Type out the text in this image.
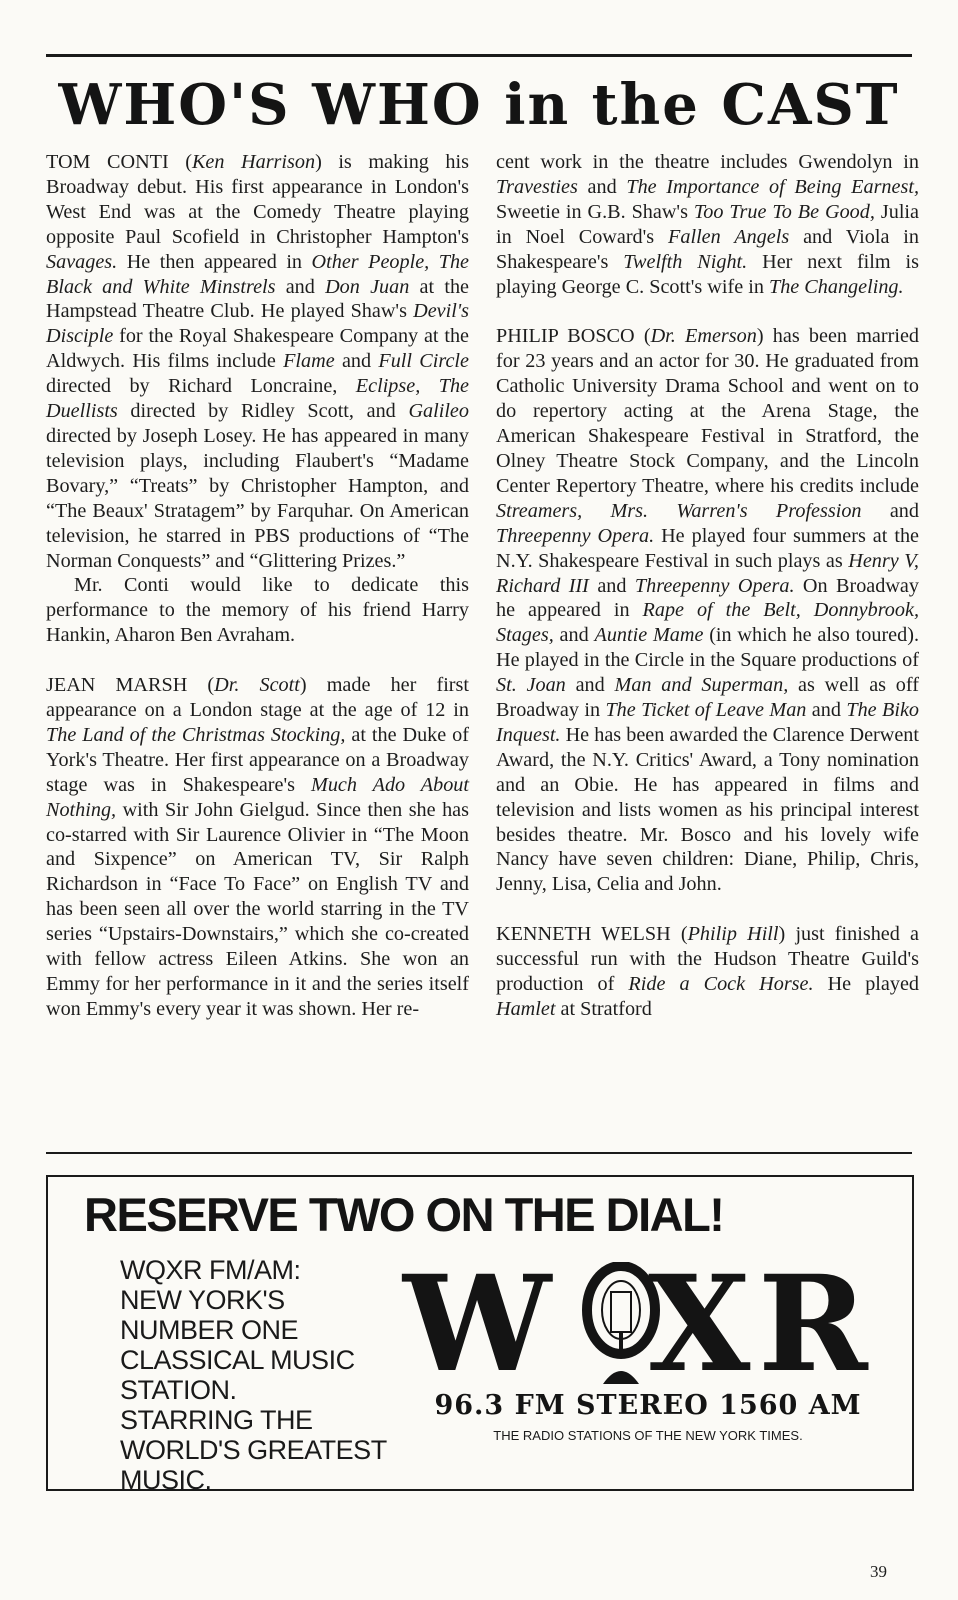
WHO'S WHO in the CAST

TOM CONTI (Ken Harrison) is making his Broadway debut. His first appearance in London's West End was at the Comedy Theatre playing opposite Paul Scofield in Christopher Hampton's Savages. He then appeared in Other People, The Black and White Minstrels and Don Juan at the Hampstead Theatre Club. He played Shaw's Devil's Disciple for the Royal Shakespeare Company at the Aldwych. His films include Flame and Full Circle directed by Richard Loncraine, Eclipse, The Duellists directed by Ridley Scott, and Galileo directed by Joseph Losey. He has appeared in many television plays, including Flaubert's “Madame Bovary,” “Treats” by Christopher Hampton, and “The Beaux' Stratagem” by Farquhar. On American television, he starred in PBS productions of “The Norman Conquests” and “Glittering Prizes.”

Mr. Conti would like to dedicate this performance to the memory of his friend Harry Hankin, Aharon Ben Avraham.

JEAN MARSH (Dr. Scott) made her first appearance on a London stage at the age of 12 in The Land of the Christmas Stocking, at the Duke of York's Theatre. Her first appearance on a Broadway stage was in Shakespeare's Much Ado About Nothing, with Sir John Gielgud. Since then she has co-starred with Sir Laurence Olivier in “The Moon and Sixpence” on American TV, Sir Ralph Richardson in “Face To Face” on English TV and has been seen all over the world starring in the TV series “Upstairs-Downstairs,” which she co-created with fellow actress Eileen Atkins. She won an Emmy for her performance in it and the series itself won Emmy's every year it was shown. Her re-

cent work in the theatre includes Gwendolyn in Travesties and The Importance of Being Earnest, Sweetie in G.B. Shaw's Too True To Be Good, Julia in Noel Coward's Fallen Angels and Viola in Shakespeare's Twelfth Night. Her next film is playing George C. Scott's wife in The Changeling.

PHILIP BOSCO (Dr. Emerson) has been married for 23 years and an actor for 30. He graduated from Catholic University Drama School and went on to do repertory acting at the Arena Stage, the American Shakespeare Festival in Stratford, the Olney Theatre Stock Company, and the Lincoln Center Repertory Theatre, where his credits include Streamers, Mrs. Warren's Profession and Threepenny Opera. He played four summers at the N.Y. Shakespeare Festival in such plays as Henry V, Richard III and Threepenny Opera. On Broadway he appeared in Rape of the Belt, Donnybrook, Stages, and Auntie Mame (in which he also toured). He played in the Circle in the Square productions of St. Joan and Man and Superman, as well as off Broadway in The Ticket of Leave Man and The Biko Inquest. He has been awarded the Clarence Derwent Award, the N.Y. Critics' Award, a Tony nomination and an Obie. He has appeared in films and television and lists women as his principal interest besides theatre. Mr. Bosco and his lovely wife Nancy have seven children: Diane, Philip, Chris, Jenny, Lisa, Celia and John.

KENNETH WELSH (Philip Hill) just finished a successful run with the Hudson Theatre Guild's production of Ride a Cock Horse. He played Hamlet at Stratford

RESERVE TWO ON THE DIAL!

WQXR FM/AM:
NEW YORK'S
NUMBER ONE
CLASSICAL MUSIC
STATION.
STARRING THE
WORLD'S GREATEST
MUSIC.

W X R

96.3 FM STEREO 1560 AM

THE RADIO STATIONS OF THE NEW YORK TIMES.

39
